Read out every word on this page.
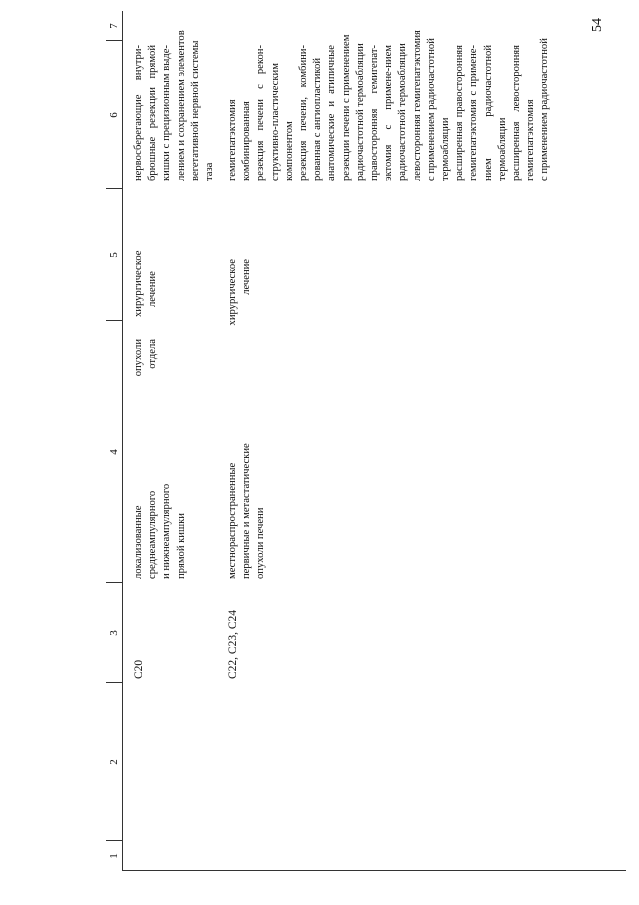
54
1
2
3
4
5
6
7
C20
локализованные
опухоли
среднеампулярного
отдела
и нижнеампулярного прямой кишки
хирургическое лечение
нервосберегающие внутри- брюшные резекции прямой кишки с прецизионным выде- лением и сохранением элементов вегетативной нервной системы таза
C22, C23, C24
местнораспространенные
хирургическое
первичные и метастатические
лечение
опухоли печени
гемигепатэктомия комбинированная резекция печени с рекон- структивно-пластическим компонентом резекция печени, комбини- рованная с ангиопластикой анатомические и атипичные резекции печени с применением радиочастотной термоабляции правосторонняя гемигепат- эктомия с примене-нием радиочастотной термоабляции левосторонняя гемигепатэктомия с применением радиочастотной термоабляции расширенная правосторонняя гемигепатэктомия с примене- нием радиочастотной термоабляции расширенная левосторонняя гемигепатэктомия с применением радиочастотной
